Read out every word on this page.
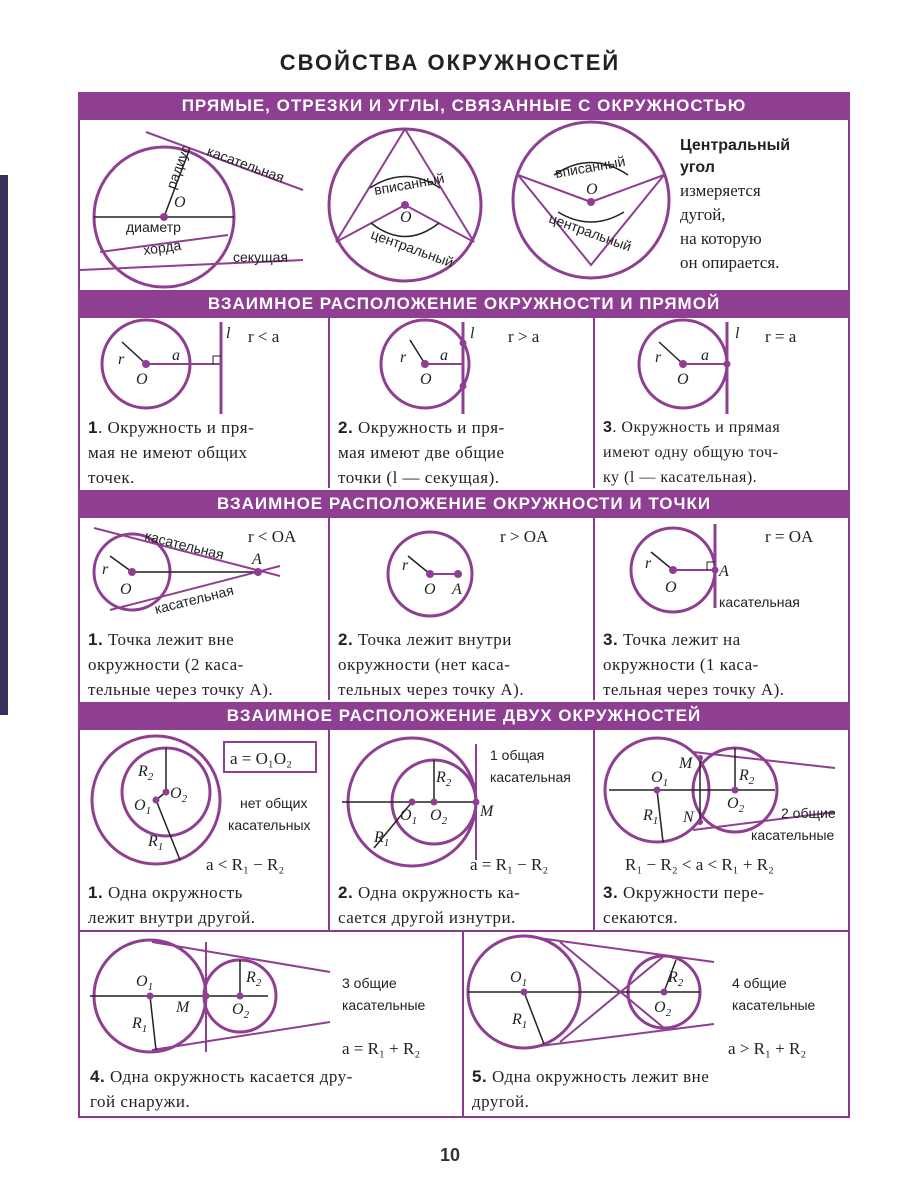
СВОЙСТВА ОКРУЖНОСТЕЙ
ПРЯМЫЕ, ОТРЕЗКИ И УГЛЫ, СВЯЗАННЫЕ С ОКРУЖНОСТЬЮ
радиус касательная
O
диаметр
хорда	секущая
вписанный
O
центральный
вписанный
O
центральный
Центральный
угол
измеряется
дугой,
на которую
он опирается.
ВЗАИМНОЕ РАСПОЛОЖЕНИЕ ОКРУЖНОСТИ И ПРЯМОЙ
r	a
O
l r < a
r a
O
l r > a
r a
O
l r = a
1. Окружность и пря-
мая не имеют общих
точек.
2. Окружность и пря-
мая имеют две общие
точки (l — секущая).
3. Окружность и прямая
имеют одну общую точ-
ку (l — касательная).
ВЗАИМНОЕ РАСПОЛОЖЕНИЕ ОКРУЖНОСТИ И ТОЧКИ
r
O
A
касательная
касательная
r < OA
r
O A
r > OA
r
O
A
касательная
r = OA
1. Точка лежит вне
окружности (2 каса-
тельные через точку A).
2. Точка лежит внутри
окружности (нет каса-
тельных через точку A).
3. Точка лежит на
окружности (1 каса-
тельная через точку A).
ВЗАИМНОЕ РАСПОЛОЖЕНИЕ ДВУХ ОКРУЖНОСТЕЙ
a = O₁O₂
$R_2$
$O_2$
$O_1$
$R_1$
нет общих
касательных
a < R₁ − R₂
$R_2$
$O_1$ $O_2$
M
$R_1$
1 общая
касательная
a = R₁ − R₂
M
N
$O_1$
$O_2$
$R_2$
$R_1$	2 общие
касательные
R₁ − R₂ < a < R₁ + R₂
1. Одна окружность
лежит внутри другой.
2. Одна окружность ка-
сается другой изнутри.
3. Окружности пере-
секаются.
$O_1$
M	$O_2$
$R_2$
$R_1$
3 общие
касательные
a = R₁ + R₂
$O_1$
$O_2$
$R_2$
$R_1$
4 общие
касательные
a > R₁ + R₂
4. Одна окружность касается дру-
гой снаружи.
5. Одна окружность лежит вне
другой.
10
